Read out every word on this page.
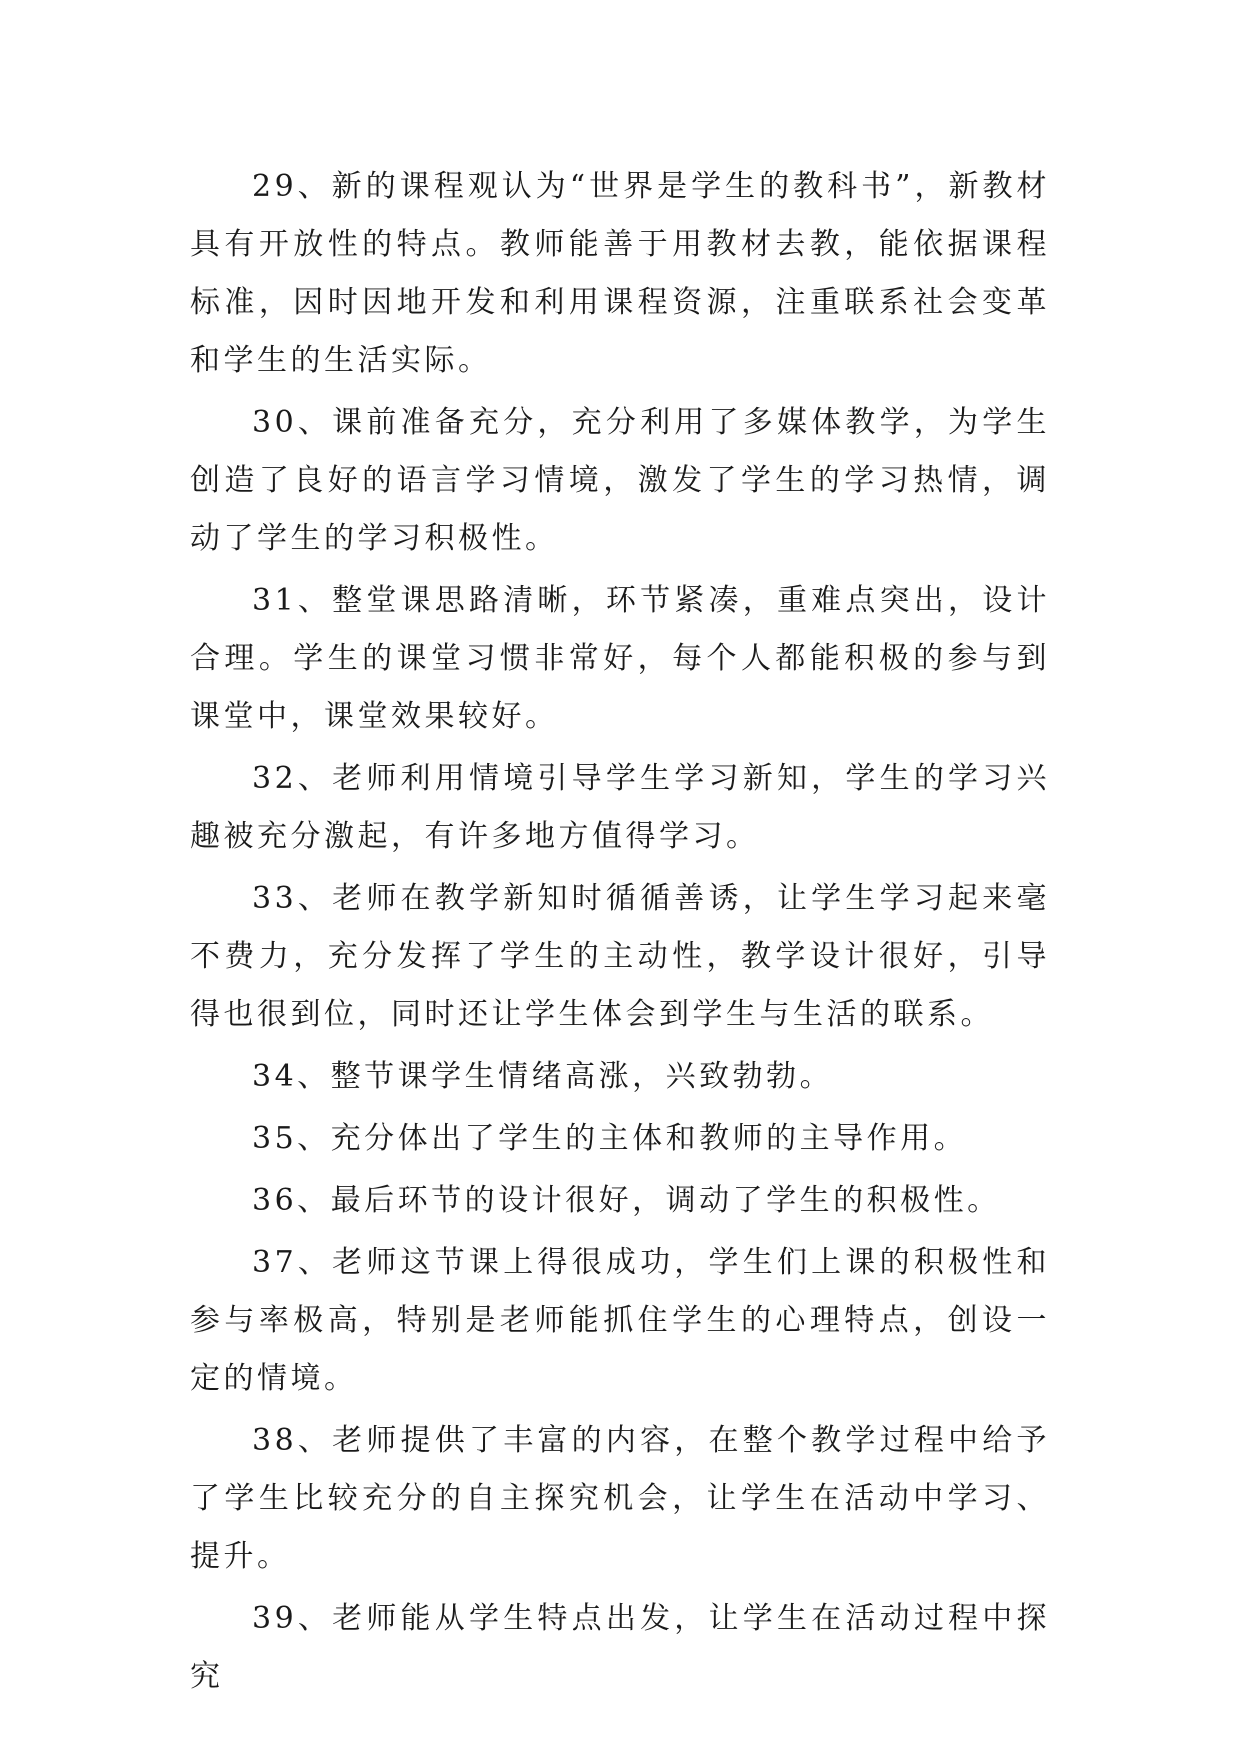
29、新的课程观认为“世界是学生的教科书”，新教材具有开放性的特点。教师能善于用教材去教，能依据课程标准，因时因地开发和利用课程资源，注重联系社会变革和学生的生活实际。

30、课前准备充分，充分利用了多媒体教学，为学生创造了良好的语言学习情境，激发了学生的学习热情，调动了学生的学习积极性。

31、整堂课思路清晰，环节紧凑，重难点突出，设计合理。学生的课堂习惯非常好，每个人都能积极的参与到课堂中，课堂效果较好。

32、老师利用情境引导学生学习新知，学生的学习兴趣被充分激起，有许多地方值得学习。

33、老师在教学新知时循循善诱，让学生学习起来毫不费力，充分发挥了学生的主动性，教学设计很好，引导得也很到位，同时还让学生体会到学生与生活的联系。

34、整节课学生情绪高涨，兴致勃勃。

35、充分体出了学生的主体和教师的主导作用。

36、最后环节的设计很好，调动了学生的积极性。

37、老师这节课上得很成功，学生们上课的积极性和参与率极高，特别是老师能抓住学生的心理特点，创设一定的情境。

38、老师提供了丰富的内容，在整个教学过程中给予了学生比较充分的自主探究机会，让学生在活动中学习、提升。

39、老师能从学生特点出发，让学生在活动过程中探究
